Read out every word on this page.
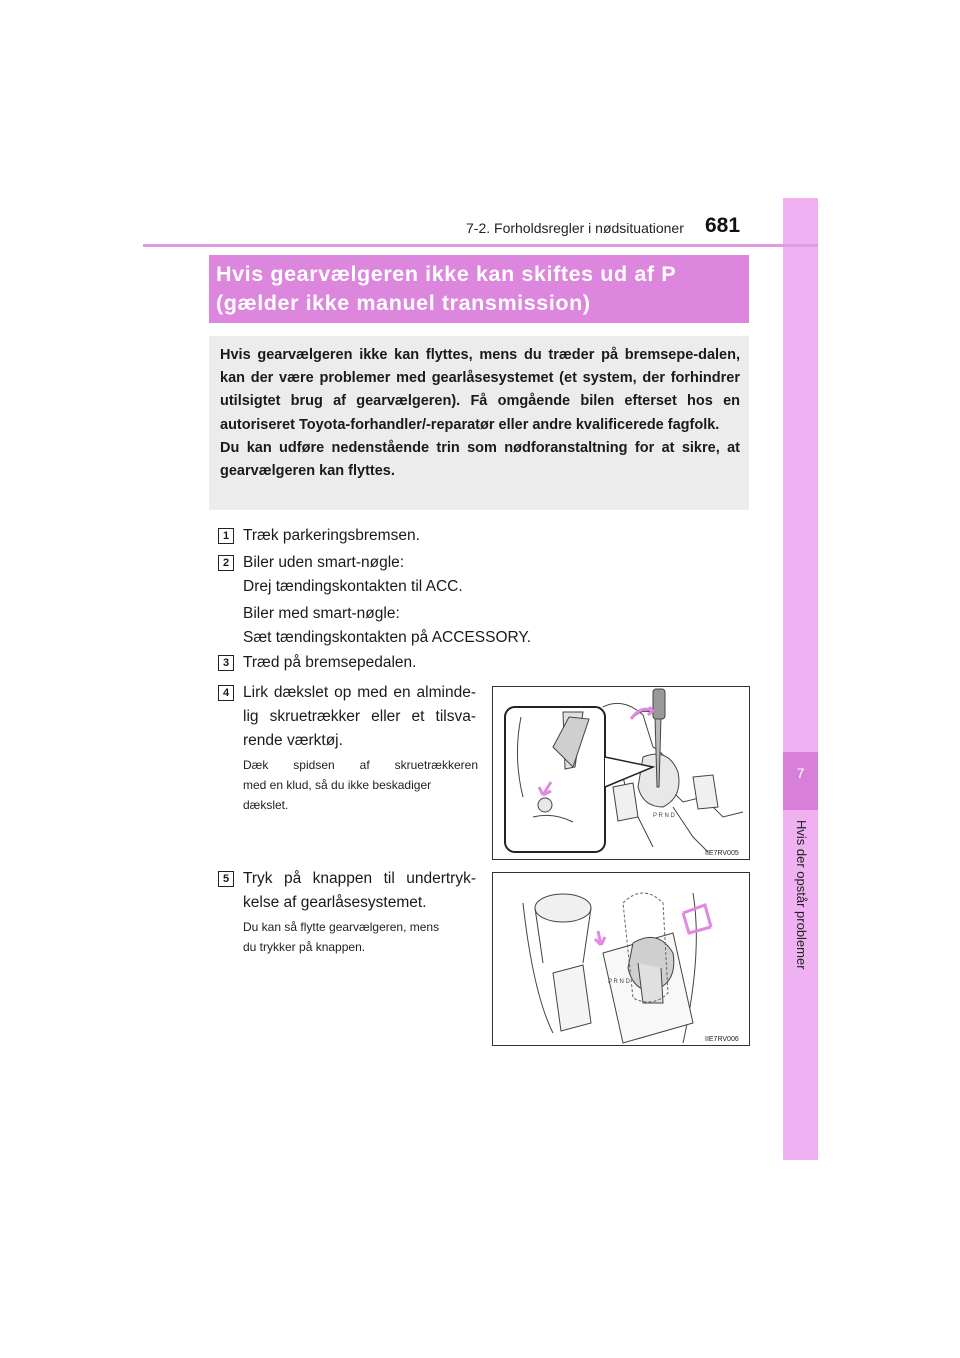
7
Hvis der opstår problemer
7-2. Forholdsregler i nødsituationer 681
Hvis gearvælgeren ikke kan skiftes ud af P
(gælder ikke manuel transmission)

Hvis gearvælgeren ikke kan flyttes, mens du træder på bremsepe-dalen, kan der være problemer med gearlåsesystemet (et system, der forhindrer utilsigtet brug af gearvælgeren). Få omgående bilen efterset hos en autoriseret Toyota-forhandler/-reparatør eller andre kvalificerede fagfolk.

Du kan udføre nedenstående trin som nødforanstaltning for at sikre, at gearvælgeren kan flyttes.

1 Træk parkeringsbremsen.
2 Biler uden smart-nøgle:
Drej tændingskontakten til ACC.
Biler med smart-nøgle:
Sæt tændingskontakten på ACCESSORY.
3 Træd på bremsepedalen.
4 Lirk dækslet op med en alminde-
lig skruetrækker eller et tilsva-
rende værktøj.
Dæk spidsen af skruetrækkeren
med en klud, så du ikke beskadiger
dækslet.
P R N D
IIE7RV005
5 Tryk på knappen til undertryk-
kelse af gearlåsesystemet.
Du kan så flytte gearvælgeren, mens
du trykker på knappen.
P R N D
IIE7RV006
